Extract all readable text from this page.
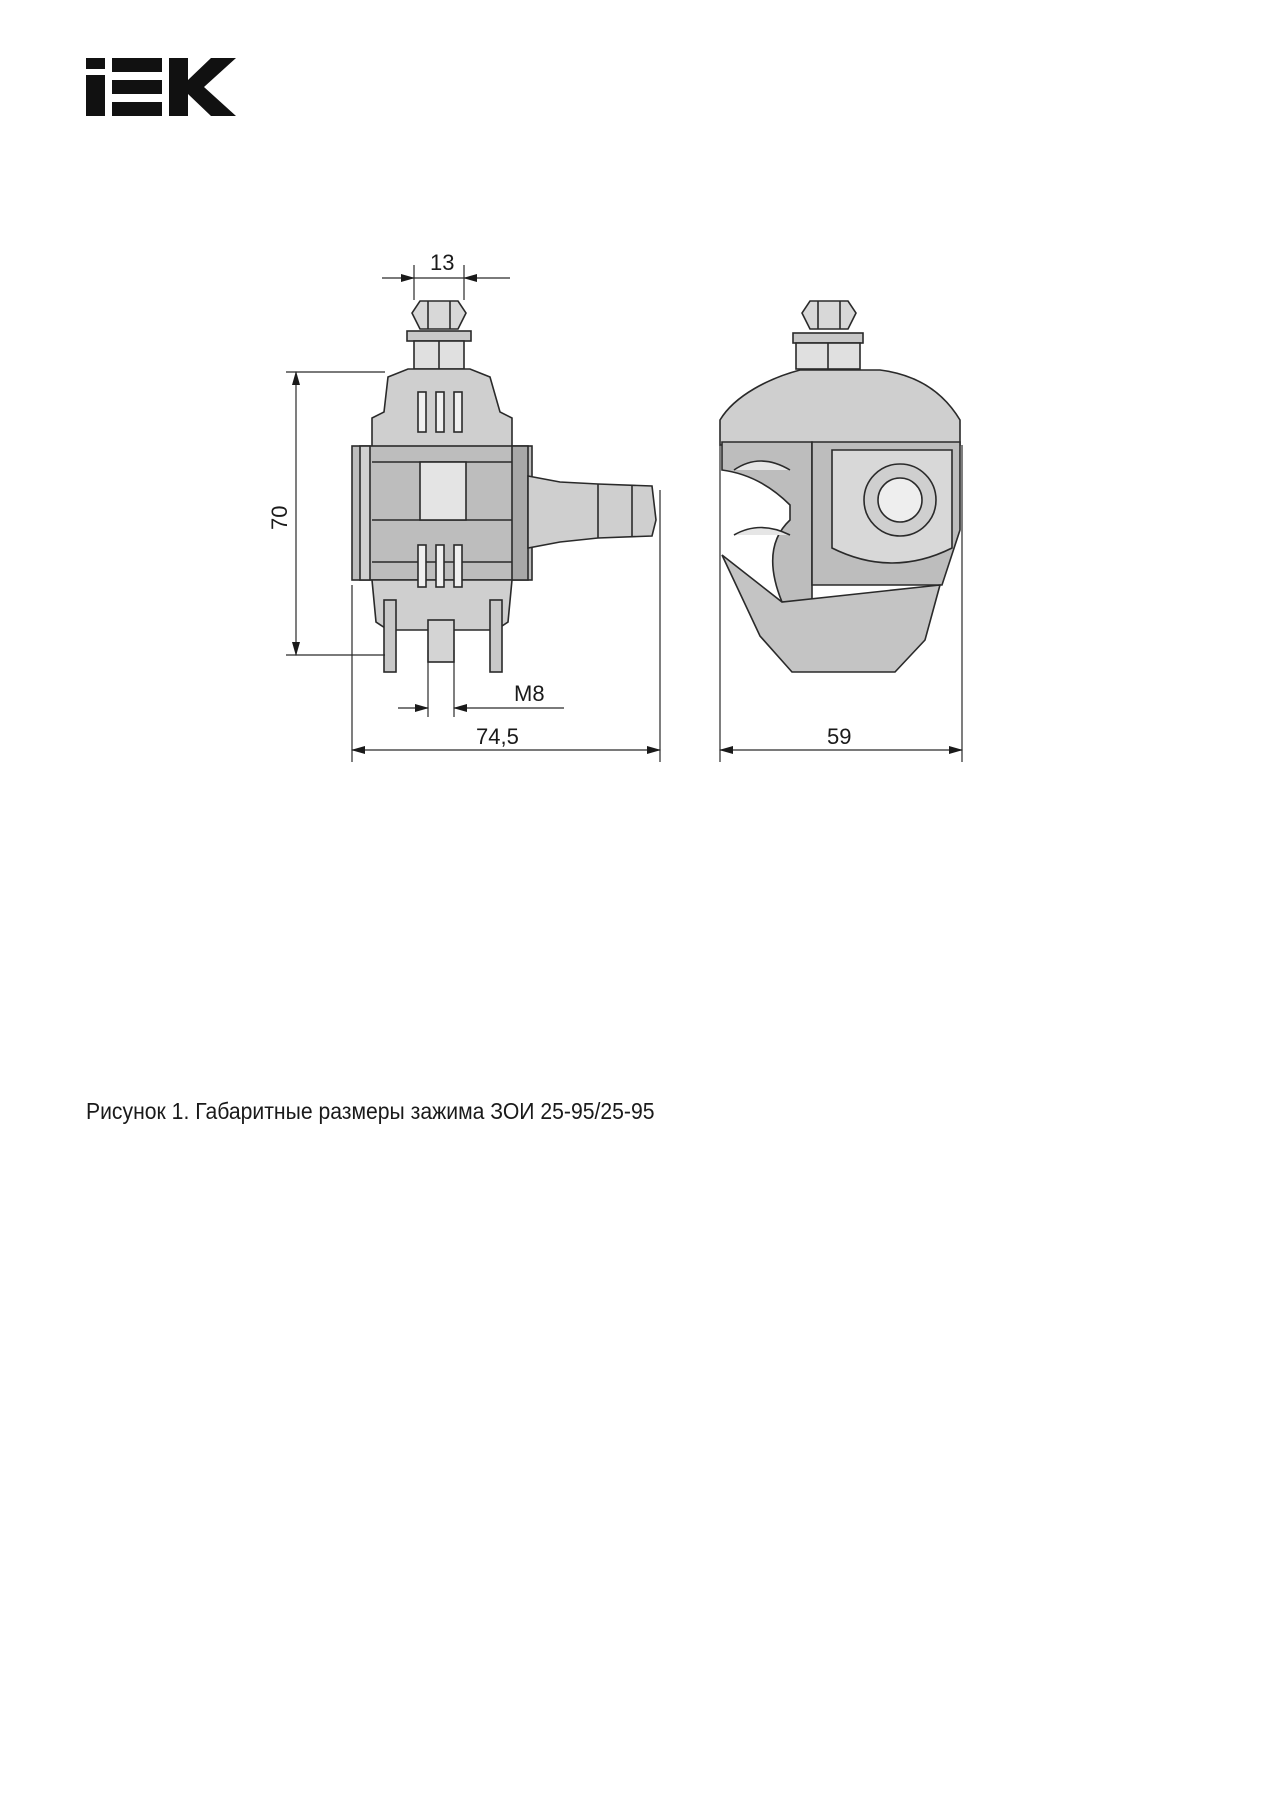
13
70
M8
74,5	59
Рисунок 1. Габаритные размеры зажима ЗОИ 25-95/25-95
